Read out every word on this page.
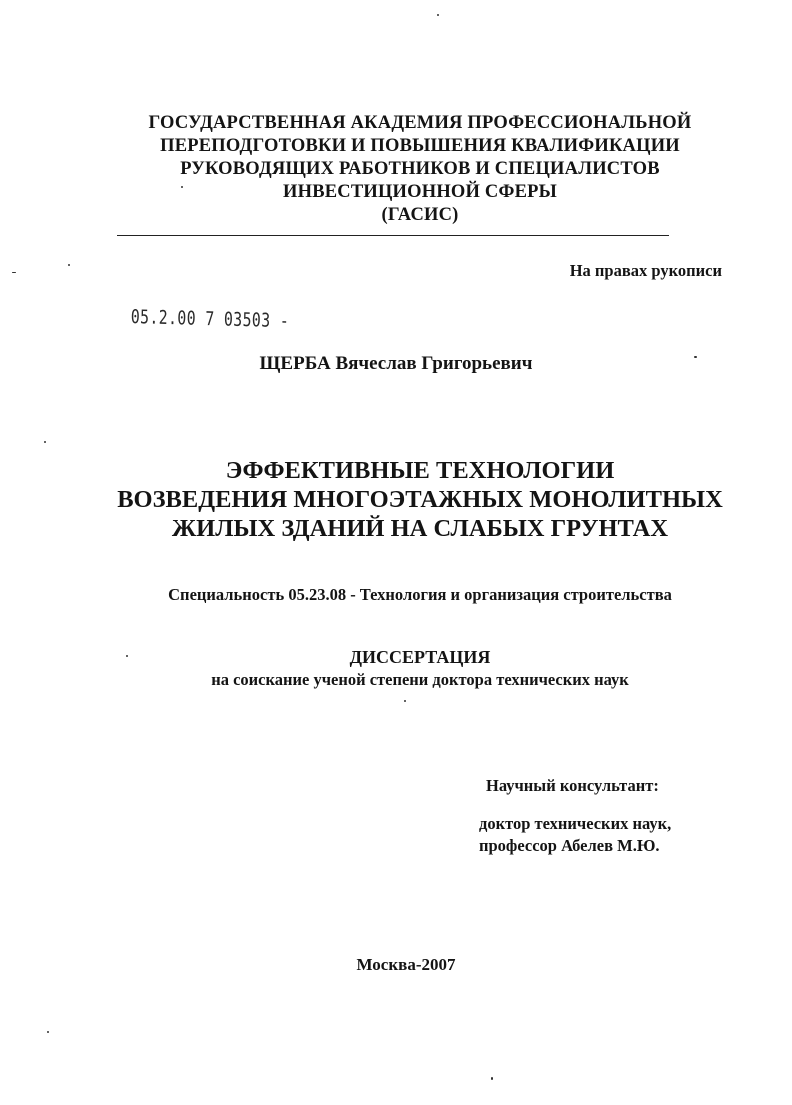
ГОСУДАРСТВЕННАЯ АКАДЕМИЯ ПРОФЕССИОНАЛЬНОЙ
ПЕРЕПОДГОТОВКИ И ПОВЫШЕНИЯ КВАЛИФИКАЦИИ
РУКОВОДЯЩИХ РАБОТНИКОВ И СПЕЦИАЛИСТОВ
ИНВЕСТИЦИОННОЙ СФЕРЫ
(ГАСИС)
На правах рукописи
05.2.00 7 03503 -
ЩЕРБА Вячеслав Григорьевич
ЭФФЕКТИВНЫЕ ТЕХНОЛОГИИ
ВОЗВЕДЕНИЯ МНОГОЭТАЖНЫХ МОНОЛИТНЫХ
ЖИЛЫХ ЗДАНИЙ НА СЛАБЫХ ГРУНТАХ
Специальность 05.23.08 - Технология и организация строительства
ДИССЕРТАЦИЯ
на соискание ученой степени доктора технических наук
Научный консультант:
доктор технических наук,
профессор Абелев М.Ю.
Москва-2007
